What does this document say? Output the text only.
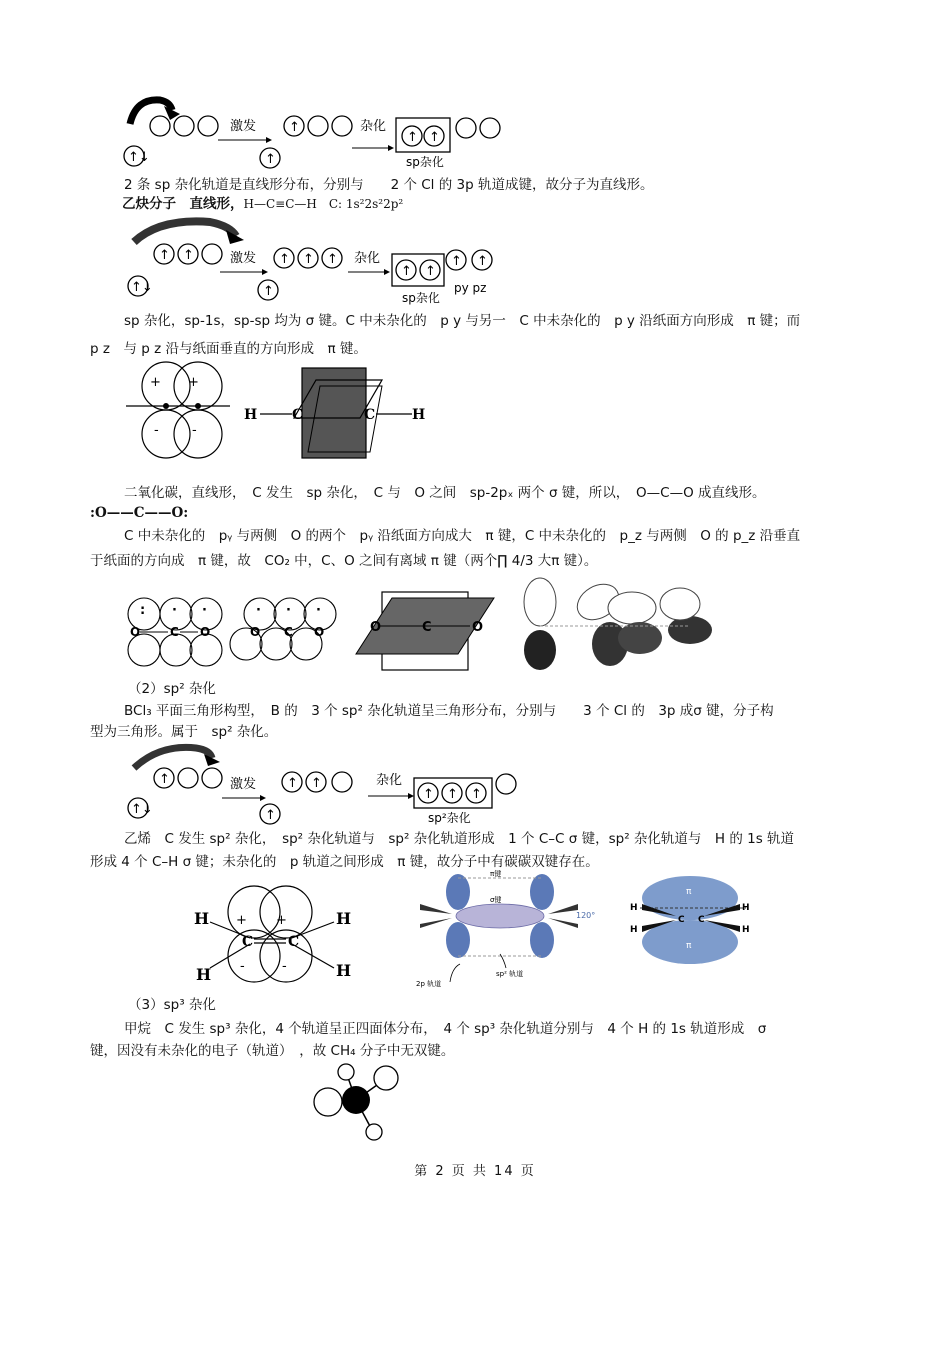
↑↓
激发	↑
↑
杂化
↑ ↑
sp杂化
2 条 sp 杂化轨道是直线形分布，分别与　　2 个 Cl 的 3p 轨道成键，故分子为直线形。
乙炔分子　直线形，H—C≡C—H　C: 1s²2s²2p²
↑ ↑
↑↓
激发 ↑ ↑ ↑
↑
杂化
↑ ↑
sp杂化
↑ ↑
py pz
sp 杂化，sp-1s，sp-sp 均为 σ 键。C 中未杂化的　p y 与另一　C 中未杂化的　p y 沿纸面方向形成　π 键；而
p z　与 p z 沿与纸面垂直的方向形成　π 键。
+ +
-	-
H C	C	H
二氧化碳，直线形，　C 发生　sp 杂化，　C 与　O 之间　sp-2pₓ 两个 σ 键，所以，　O—C—O 成直线形。
:O——C——O:
C 中未杂化的　pᵧ 与两侧　O 的两个　pᵧ 沿纸面方向成大　π 键，C 中未杂化的　p_z 与两侧　O 的 p_z 沿垂直
于纸面的方向成　π 键，故　CO₂ 中，C、O 之间有离域 π 键（两个∏ 4/3 大π 键）。
: · ·
O C O
· · ·
O C O	O	C	O
（2）sp² 杂化
BCl₃ 平面三角形构型，　B 的　3 个 sp² 杂化轨道呈三角形分布，分别与　　3 个 Cl 的　3p 成σ 键，分子构
型为三角形。属于　sp² 杂化。
↑
↑↓
激发 ↑ ↑
↑
杂化
↑ ↑ ↑
sp²杂化
乙烯　C 发生 sp² 杂化，　sp² 杂化轨道与　sp² 杂化轨道形成　1 个 C–C σ 键，sp² 杂化轨道与　H 的 1s 轨道
形成 4 个 C–H σ 键；未杂化的　p 轨道之间形成　π 键，故分子中有碳碳双键存在。
H	H
H	H
C C
+ +
-	-
π键
σ键
120°
2p 轨道
sp² 轨道
π
π
C C
H
H
H
H
（3）sp³ 杂化
甲烷　C 发生 sp³ 杂化，4 个轨道呈正四面体分布，　4 个 sp³ 杂化轨道分别与　4 个 H 的 1s 轨道形成　σ
键，因没有未杂化的电子（轨道）　，故 CH₄ 分子中无双键。
第 2 页 共 14 页
